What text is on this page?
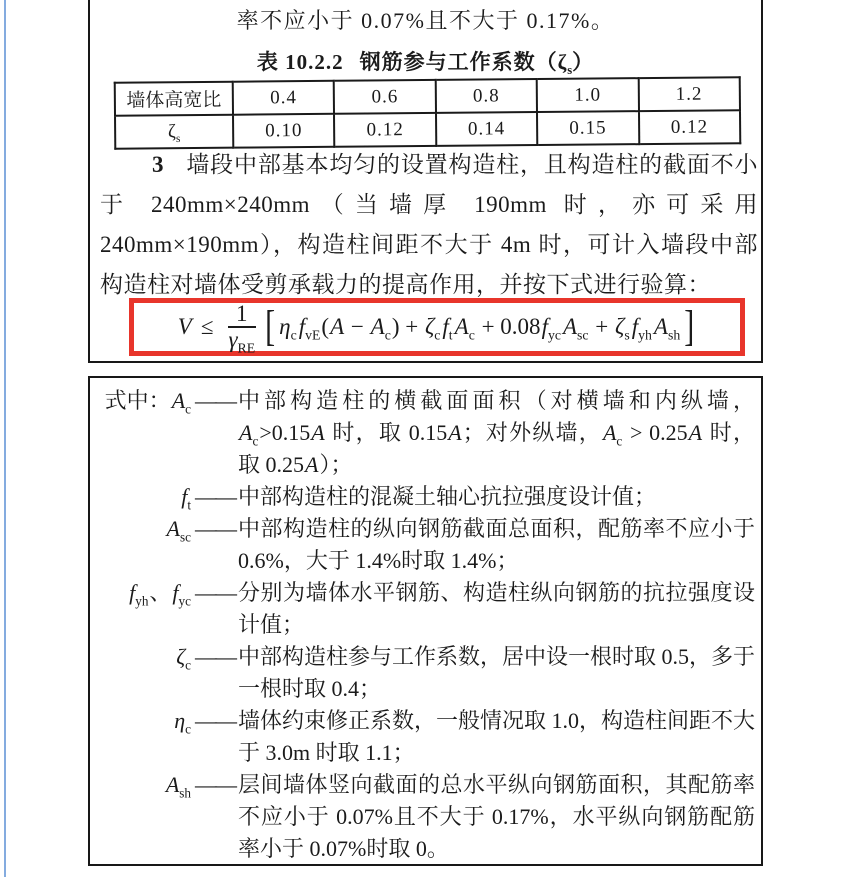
率不应小于 0.07%且不大于 0.17%。
表 10.2.2 钢筋参与工作系数$(\zeta_s)$
墙体高宽比	0.4	0.6	0.8	1.0	1.2
$\zeta_s$	0.10	0.12	0.14	0.15	0.12

3 墙段中部基本均匀的设置构造柱，且构造柱的截面不小于 240mm×240mm（当墙厚 190mm 时，亦可采用 240mm×190mm），构造柱间距不大于 4m 时，可计入墙段中部构造柱对墙体受剪承载力的提高作用，并按下式进行验算：

$V \le \frac{1}{\gamma_{RE}}$ [ $\eta_cf_{vE}(A - A_c) + \zeta_cf_tA_c + 0.08f_{yc}A_{sc} + \zeta_sf_{yh}A_{sh}$ ]
式中：$A_c$ —— 中部构造柱的横截面面积（对横墙和内纵墙，$A_c>0.15A$ 时，取 0.15A；对外纵墙，$A_c > 0.25A$ 时，取 0.25A）；
$f_t$ —— 中部构造柱的混凝土轴心抗拉强度设计值；
$A_{sc}$ —— 中部构造柱的纵向钢筋截面总面积，配筋率不应小于 0.6%，大于 1.4%时取 1.4%；
$f_{yh}$、$f_{yc}$ —— 分别为墙体水平钢筋、构造柱纵向钢筋的抗拉强度设计值；
$\zeta_c$ —— 中部构造柱参与工作系数，居中设一根时取 0.5，多于一根时取 0.4；
$\eta_c$ —— 墙体约束修正系数，一般情况取 1.0，构造柱间距不大于 3.0m 时取 1.1；
$A_{sh}$ —— 层间墙体竖向截面的总水平纵向钢筋面积，其配筋率不应小于 0.07%且不大于 0.17%，水平纵向钢筋配筋率小于 0.07%时取 0。
